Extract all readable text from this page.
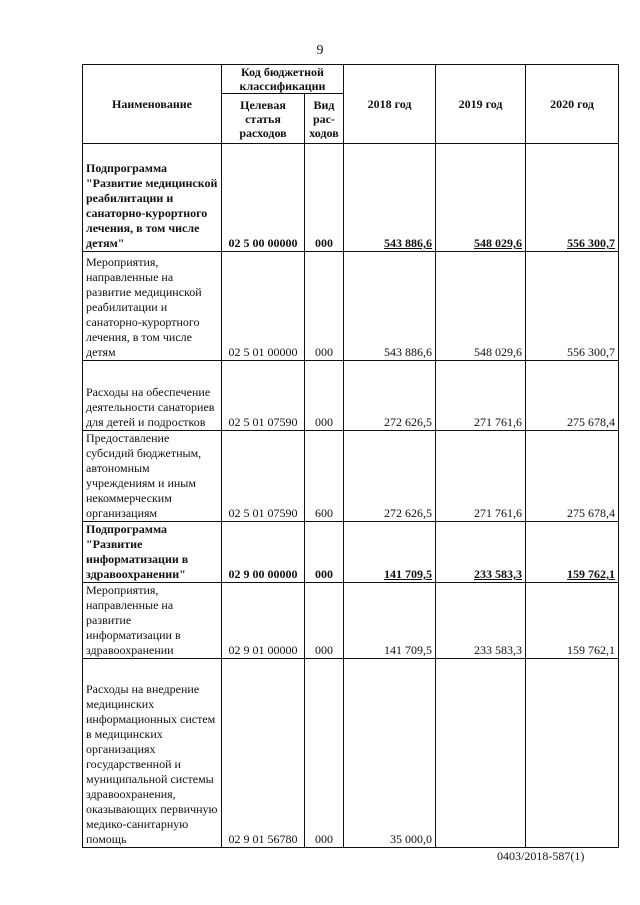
9
Наименование	Код бюджетной классификации		2018 год	2019 год	2020 год
	Целевая статья расходов	Вид рас-ходов			
Подпрограмма "Развитие медицинской реабилитации и санаторно-курортного лечения, в том числе детям"	02 5 00 00000	000	543 886,6	548 029,6	556 300,7
Мероприятия, направленные на развитие медицинской реабилитации и санаторно-курортного лечения, в том числе детям	02 5 01 00000	000	543 886,6	548 029,6	556 300,7
Расходы на обеспечение деятельности санаториев для детей и подростков	02 5 01 07590	000	272 626,5	271 761,6	275 678,4
Предоставление субсидий бюджетным, автономным учреждениям и иным некоммерческим организациям	02 5 01 07590	600	272 626,5	271 761,6	275 678,4
Подпрограмма "Развитие информатизации в здравоохранении"	02 9 00 00000	000	141 709,5	233 583,3	159 762,1
Мероприятия, направленные на развитие информатизации в здравоохранении	02 9 01 00000	000	141 709,5	233 583,3	159 762,1
Расходы на внедрение медицинских информационных систем в медицинских организациях государственной и муниципальной системы здравоохранения, оказывающих первичную медико-санитарную помощь	02 9 01 56780	000	35 000,0		
0403/2018-587(1)
